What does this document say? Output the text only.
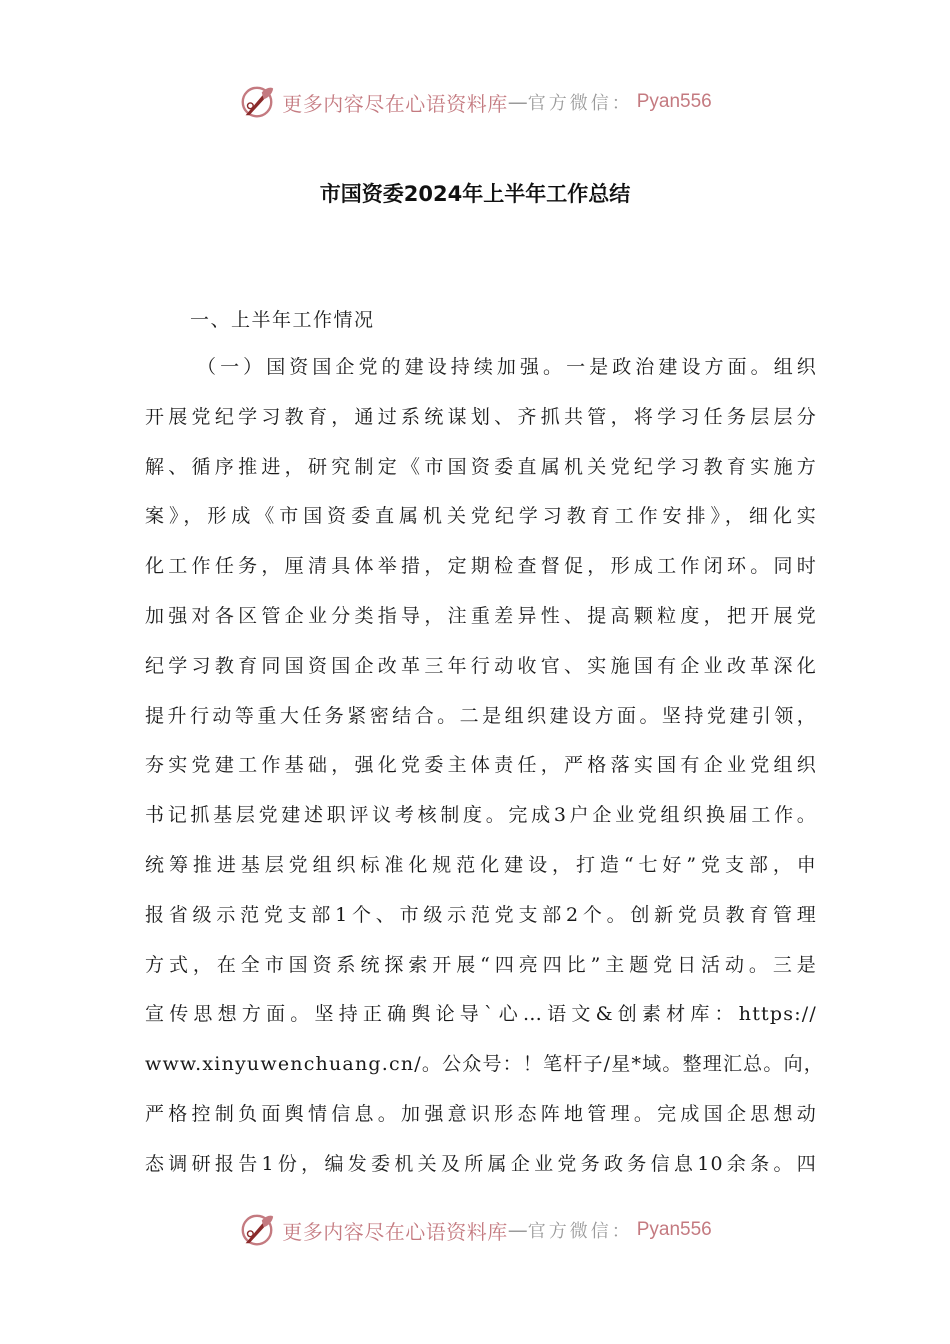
更多内容尽在心语资料库 — 官方微信： Pyan556
市国资委2024年上半年工作总结
一、上半年工作情况
（一）国资国企党的建设持续加强。一是政治建设方面。组织
开展党纪学习教育，通过系统谋划、齐抓共管，将学习任务层层分
解、循序推进，研究制定《市国资委直属机关党纪学习教育实施方
案》，形成《市国资委直属机关党纪学习教育工作安排》，细化实
化工作任务，厘清具体举措，定期检查督促，形成工作闭环。同时
加强对各区管企业分类指导，注重差异性、提高颗粒度，把开展党
纪学习教育同国资国企改革三年行动收官、实施国有企业改革深化
提升行动等重大任务紧密结合。二是组织建设方面。坚持党建引领，
夯实党建工作基础，强化党委主体责任，严格落实国有企业党组织
书记抓基层党建述职评议考核制度。完成3户企业党组织换届工作。
统筹推进基层党组织标准化规范化建设，打造“七好”党支部，申
报省级示范党支部1个、市级示范党支部2个。创新党员教育管理
方式，在全市国资系统探索开展“四亮四比”主题党日活动。三是
宣传思想方面。坚持正确舆论导`心…语文&创素材库：https://
www.xinyuwenchuang.cn/。公众号：！笔杆子/星*域。整理汇总。向，
严格控制负面舆情信息。加强意识形态阵地管理。完成国企思想动
态调研报告1份，编发委机关及所属企业党务政务信息10余条。四
更多内容尽在心语资料库 — 官方微信： Pyan556
